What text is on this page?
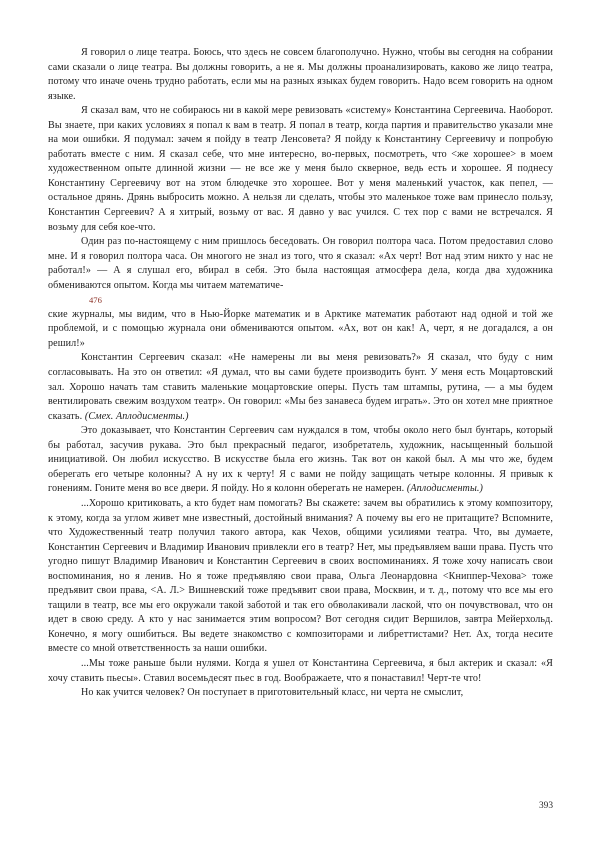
Я говорил о лице театра. Боюсь, что здесь не совсем благополучно. Нужно, чтобы вы сегодня на собрании сами сказали о лице театра. Вы должны говорить, а не я. Мы должны проанализировать, каково же лицо театра, потому что иначе очень трудно работать, если мы на разных языках будем говорить. Надо всем говорить на одном языке.

Я сказал вам, что не собираюсь ни в какой мере ревизовать «систему» Константина Сергеевича. Наоборот. Вы знаете, при каких условиях я попал к вам в театр. Я попал в театр, когда партия и правительство указали мне на мои ошибки. Я подумал: зачем я пойду в театр Ленсовета? Я пойду к Константину Сергеевичу и попробую работать вместе с ним. Я сказал себе, что мне интересно, во-первых, посмотреть, что <же хорошее> в моем художественном опыте длинной жизни — не все же у меня было скверное, ведь есть и хорошее. Я поднесу Константину Сергеевичу вот на этом блюдечке это хорошее. Вот у меня маленький участок, как пепел, — остальное дрянь. Дрянь выбросить можно. А нельзя ли сделать, чтобы это маленькое тоже вам принесло пользу, Константин Сергеевич? А я хитрый, возьму от вас. Я давно у вас учился. С тех пор с вами не встречался. Я возьму для себя кое-что.

Один раз по-настоящему с ним пришлось беседовать. Он говорил полтора часа. Потом предоставил слово мне. И я говорил полтора часа. Он многого не знал из того, что я сказал: «Ах черт! Вот над этим никто у нас не работал!» — А я слушал его, вбирал в себя. Это была настоящая атмосфера дела, когда два художника обмениваются опытом. Когда мы читаем математиче-

476

ские журналы, мы видим, что в Нью-Йорке математик и в Арктике математик работают над одной и той же проблемой, и с помощью журнала они обмениваются опытом. «Ах, вот он как! А, черт, я не догадался, а он решил!»

Константин Сергеевич сказал: «Не намерены ли вы меня ревизовать?» Я сказал, что буду с ним согласовывать. На это он ответил: «Я думал, что вы сами будете производить бунт. У меня есть Моцартовский зал. Хорошо начать там ставить маленькие моцартовские оперы. Пусть там штампы, рутина, — а мы будем вентилировать свежим воздухом театр». Он говорил: «Мы без занавеса будем играть». Это он хотел мне приятное сказать. (Смех. Аплодисменты.)

Это доказывает, что Константин Сергеевич сам нуждался в том, чтобы около него был бунтарь, который бы работал, засучив рукава. Это был прекрасный педагог, изобретатель, художник, насыщенный большой инициативой. Он любил искусство. В искусстве была его жизнь. Так вот он какой был. А мы что же, будем оберегать его четыре колонны? А ну их к черту! Я с вами не пойду защищать четыре колонны. Я привык к гонениям. Гоните меня во все двери. Я пойду. Но я колонн оберегать не намерен. (Аплодисменты.)

...Хорошо критиковать, а кто будет нам помогать? Вы скажете: зачем вы обратились к этому композитору, к этому, когда за углом живет мне известный, достойный внимания? А почему вы его не притащите? Вспомните, что Художественный театр получил такого автора, как Чехов, общими усилиями театра. Что, вы думаете, Константин Сергеевич и Владимир Иванович привлекли его в театр? Нет, мы предъявляем ваши права. Пусть что угодно пишут Владимир Иванович и Константин Сергеевич в своих воспоминаниях. Я тоже хочу написать свои воспоминания, но я ленив. Но я тоже предъявляю свои права, Ольга Леонардовна <Книппер-Чехова> тоже предъявит свои права, <А. Л.> Вишневский тоже предъявит свои права, Москвин, и т. д., потому что все мы его тащили в театр, все мы его окружали такой заботой и так его обволакивали лаской, что он почувствовал, что он идет в свою среду. А кто у нас занимается этим вопросом? Вот сегодня сидит Вершилов, завтра Мейерхольд. Конечно, я могу ошибиться. Вы ведете знакомство с композиторами и либреттистами? Нет. Ах, тогда несите вместе со мной ответственность за наши ошибки.

...Мы тоже раньше были нулями. Когда я ушел от Константина Сергеевича, я был актерик и сказал: «Я хочу ставить пьесы». Ставил восемьдесят пьес в год. Воображаете, что я понаставил! Черт-те что!

Но как учится человек? Он поступает в приготовительный класс, ни черта не смыслит,

393
